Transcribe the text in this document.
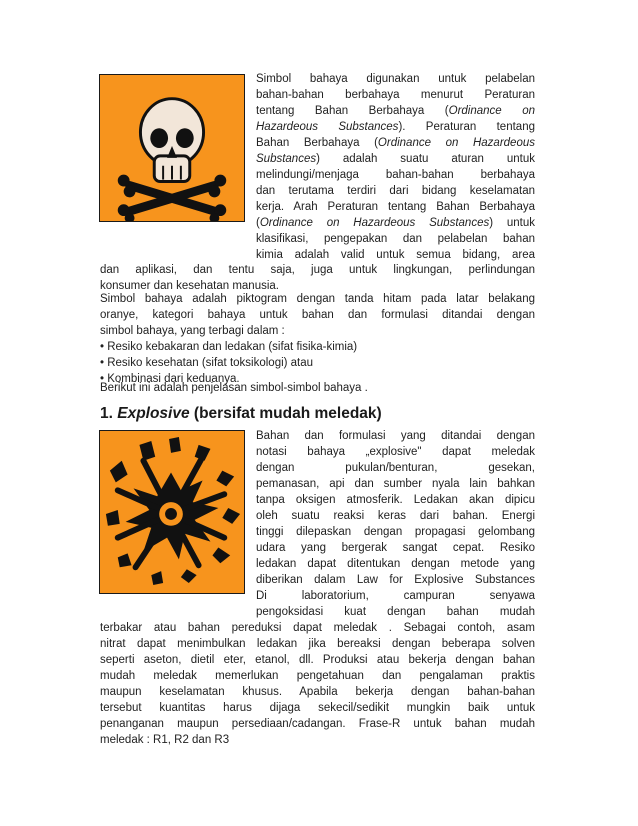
Simbol bahaya digunakan untuk pelabelan
bahan-bahan berbahaya menurut Peraturan
tentang Bahan Berbahaya (Ordinance on
Hazardeous Substances). Peraturan tentang
Bahan Berbahaya (Ordinance on Hazardeous
Substances) adalah suatu aturan untuk
melindungi/menjaga bahan-bahan berbahaya
dan terutama terdiri dari bidang keselamatan
kerja. Arah Peraturan tentang Bahan Berbahaya
(Ordinance on Hazardeous Substances) untuk
klasifikasi, pengepakan dan pelabelan bahan
kimia adalah valid untuk semua bidang, area
dan aplikasi, dan tentu saja, juga untuk lingkungan, perlindungan
konsumer dan kesehatan manusia.
Simbol bahaya adalah piktogram dengan tanda hitam pada latar belakang
oranye, kategori bahaya untuk bahan dan formulasi ditandai dengan
simbol bahaya, yang terbagi dalam :
• Resiko kebakaran dan ledakan (sifat fisika-kimia)
• Resiko kesehatan (sifat toksikologi) atau
• Kombinasi dari keduanya.
Berikut ini adalah penjelasan simbol-simbol bahaya .
1. Explosive (bersifat mudah meledak)
Bahan dan formulasi yang ditandai dengan
notasi bahaya „explosive" dapat meledak
dengan pukulan/benturan, gesekan,
pemanasan, api dan sumber nyala lain bahkan
tanpa oksigen atmosferik. Ledakan akan dipicu
oleh suatu reaksi keras dari bahan. Energi
tinggi dilepaskan dengan propagasi gelombang
udara yang bergerak sangat cepat. Resiko
ledakan dapat ditentukan dengan metode yang
diberikan dalam Law for Explosive Substances
Di laboratorium, campuran senyawa
pengoksidasi kuat dengan bahan mudah
terbakar atau bahan pereduksi dapat meledak . Sebagai contoh, asam
nitrat dapat menimbulkan ledakan jika bereaksi dengan beberapa solven
seperti aseton, dietil eter, etanol, dll. Produksi atau bekerja dengan bahan
mudah meledak memerlukan pengetahuan dan pengalaman praktis
maupun keselamatan khusus. Apabila bekerja dengan bahan-bahan
tersebut kuantitas harus dijaga sekecil/sedikit mungkin baik untuk
penanganan maupun persediaan/cadangan. Frase-R untuk bahan mudah
meledak : R1, R2 dan R3
